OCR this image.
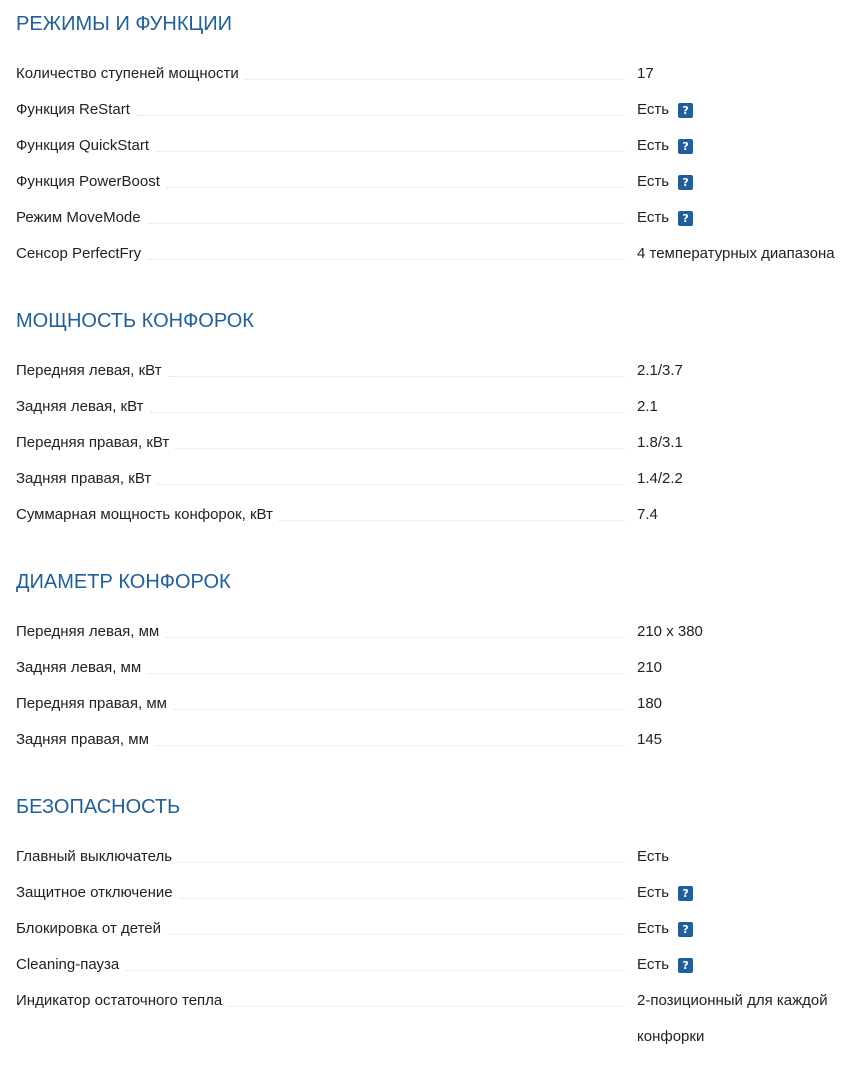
РЕЖИМЫ И ФУНКЦИИ
Количество ступеней мощности	17
Функция ReStart	Есть	?
Функция QuickStart	Есть	?
Функция PowerBoost	Есть	?
Режим MoveMode	Есть	?
Сенсор PerfectFry	4 температурных диапазона
МОЩНОСТЬ КОНФОРОК
Передняя левая, кВт	2.1/3.7
Задняя левая, кВт	2.1
Передняя правая, кВт	1.8/3.1
Задняя правая, кВт	1.4/2.2
Суммарная мощность конфорок, кВт	7.4
ДИАМЕТР КОНФОРОК
Передняя левая, мм	210 х 380
Задняя левая, мм	210
Передняя правая, мм	180
Задняя правая, мм	145
БЕЗОПАСНОСТЬ
Главный выключатель	Есть
Защитное отключение	Есть	?
Блокировка от детей	Есть	?
Cleaning-пауза	Есть	?
Индикатор остаточного тепла	2-позиционный для каждой конфорки
